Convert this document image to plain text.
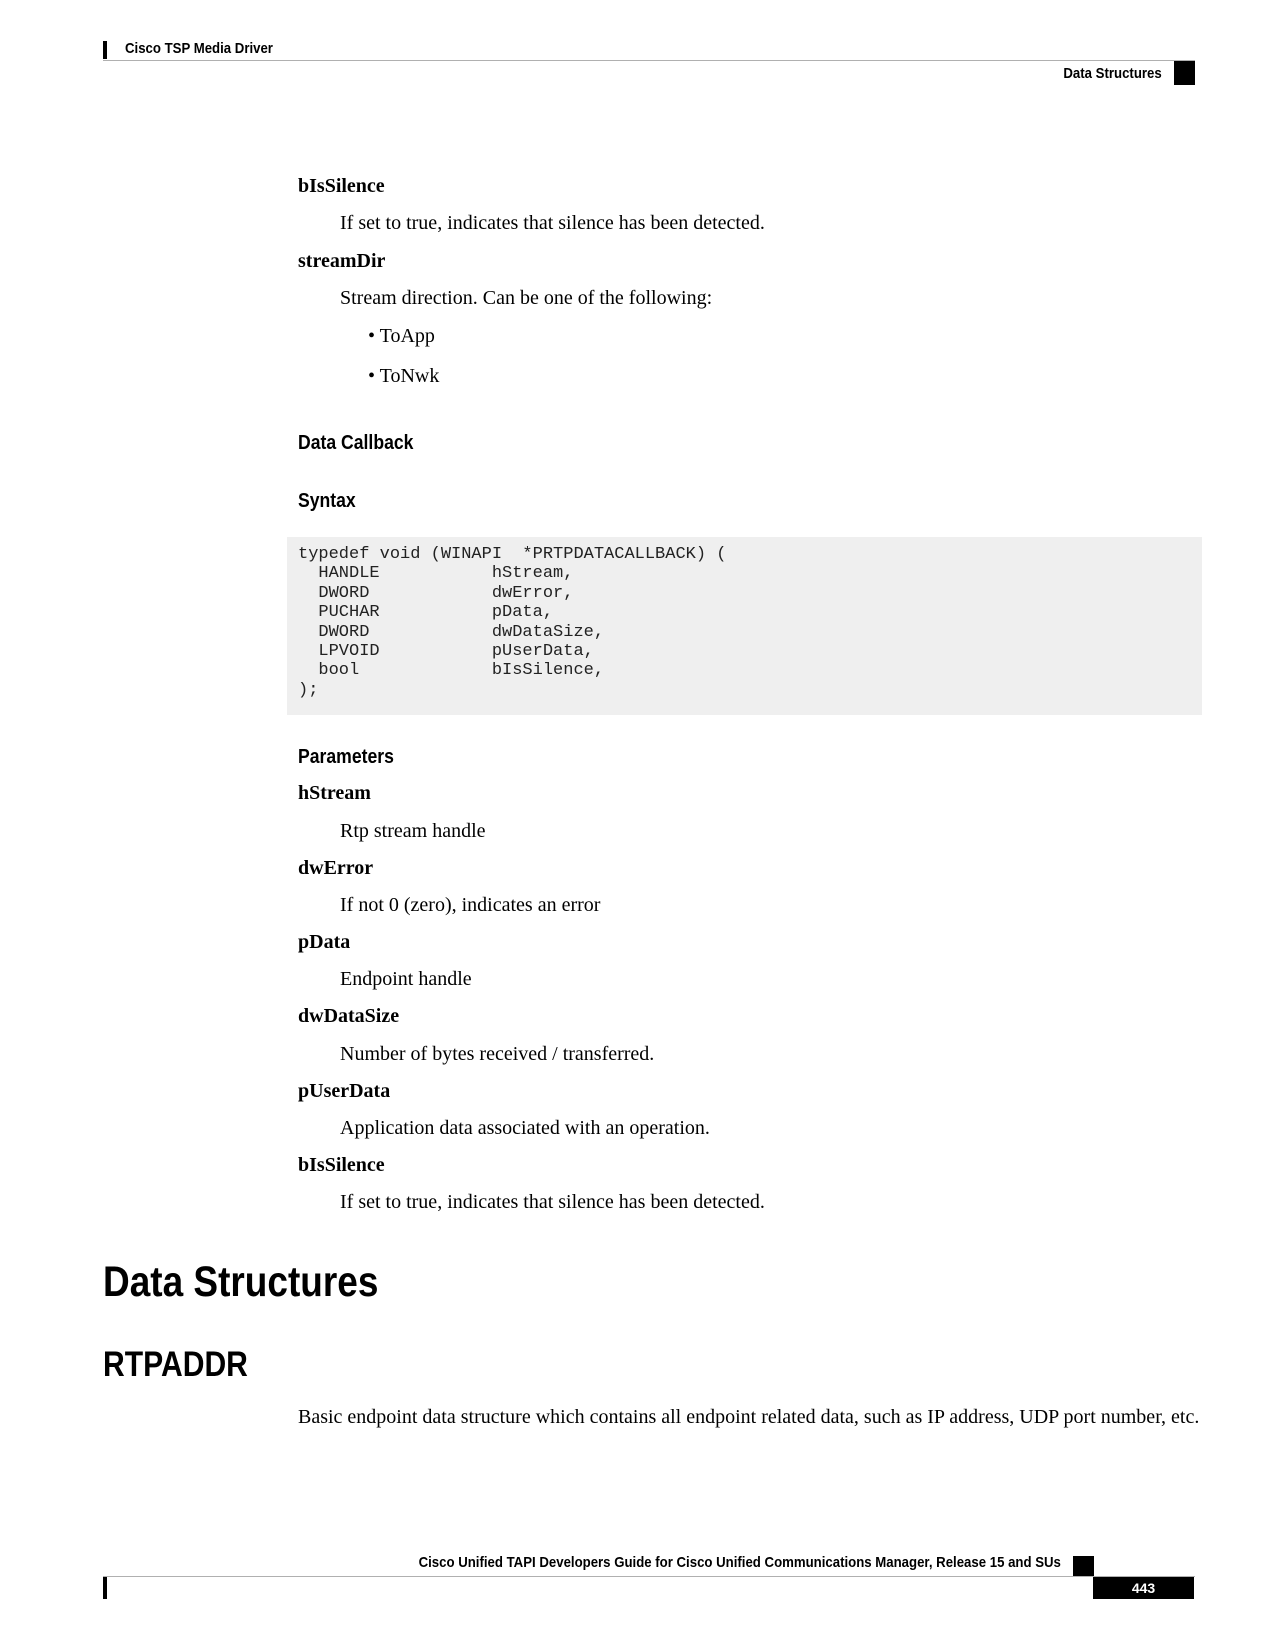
Cisco TSP Media Driver
Data Structures
bIsSilence
If set to true, indicates that silence has been detected.
streamDir
Stream direction. Can be one of the following:
• ToApp
• ToNwk
Data Callback
Syntax
typedef void (WINAPI  *PRTPDATACALLBACK) (
HANDLE           hStream,
DWORD            dwError,
PUCHAR           pData,
DWORD            dwDataSize,
LPVOID           pUserData,
bool             bIsSilence,
);
Parameters
hStream
Rtp stream handle
dwError
If not 0 (zero), indicates an error
pData
Endpoint handle
dwDataSize
Number of bytes received / transferred.
pUserData
Application data associated with an operation.
bIsSilence
If set to true, indicates that silence has been detected.
Data Structures
RTPADDR
Basic endpoint data structure which contains all endpoint related data, such as IP address, UDP port number, etc.
Cisco Unified TAPI Developers Guide for Cisco Unified Communications Manager, Release 15 and SUs
443
